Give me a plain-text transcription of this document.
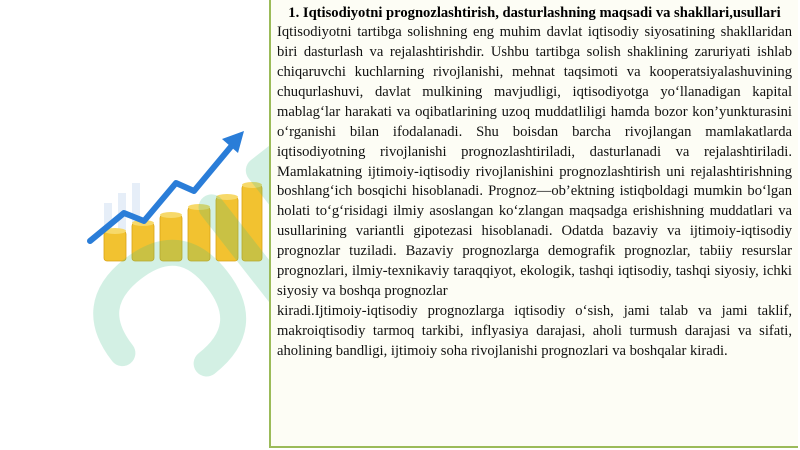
1. Iqtisodiyotni prognozlashtirish, dasturlashning maqsadi va shakllari,usullari

Iqtisodiyotni tartibga solishning eng muhim davlat iqtisodiy siyosatining shakllaridan biri dasturlash va rejalashtirishdir. Ushbu tartibga solish shaklining zaruriyati ishlab chiqaruvchi kuchlarning rivojlanishi, mehnat taqsimoti va kooperatsiyalashuvining chuqurlashuvi, davlat mulkining mavjudligi, iqtisodiyotga yo‘llanadigan kapital mablag‘lar harakati va oqibatlarining uzoq muddatliligi hamda bozor kon’yunkturasini o‘rganishi bilan ifodalanadi. Shu boisdan barcha rivojlangan mamlakatlarda iqtisodiyotning rivojlanishi prognozlashtiriladi, dasturlanadi va rejalashtiriladi. Mamlakatning ijtimoiy-iqtisodiy rivojlanishini prognozlashtirish uni rejalashtirishning boshlang‘ich bosqichi hisoblanadi. Prognoz—ob’ektning istiqboldagi mumkin bo‘lgan holati to‘g‘risidagi ilmiy asoslangan ko‘zlangan maqsadga erishishning muddatlari va usullarining variantli gipotezasi hisoblanadi. Odatda bazaviy va ijtimoiy-iqtisodiy prognozlar tuziladi. Bazaviy prognozlarga demografik prognozlar, tabiiy resurslar prognozlari, ilmiy-texnikaviy taraqqiyot, ekologik, tashqi iqtisodiy, tashqi siyosiy, ichki siyosiy va boshqa prognozlar

kiradi.Ijtimoiy-iqtisodiy prognozlarga iqtisodiy o‘sish, jami talab va jami taklif, makroiqtisodiy tarmoq tarkibi, inflyasiya darajasi, aholi turmush darajasi va sifati, aholining bandligi, ijtimoiy soha rivojlanishi prognozlari va boshqalar kiradi.
